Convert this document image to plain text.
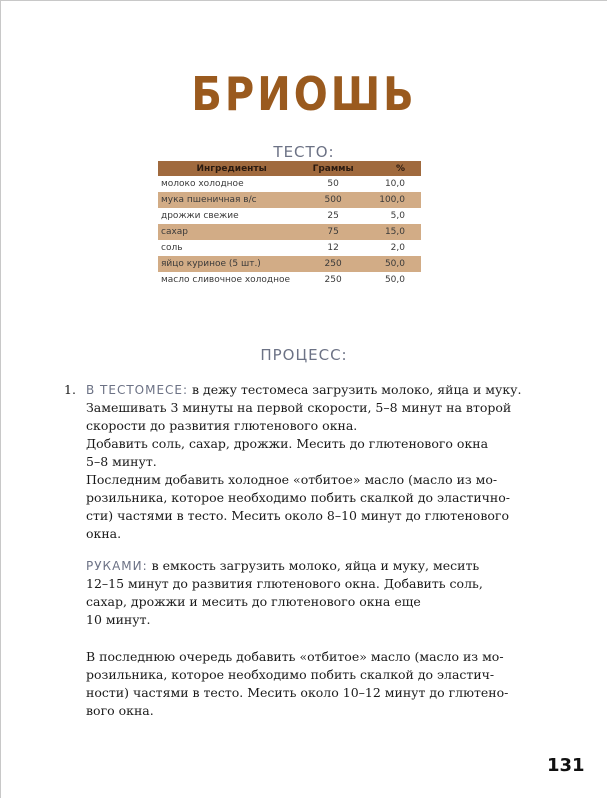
БРИОШЬ
ТЕСТО:
Ингредиенты	Граммы	%
молоко холодное	50	10,0
мука пшеничная в/с	500	100,0
дрожжи свежие	25	5,0
сахар	75	15,0
соль	12	2,0
яйцо куриное (5 шт.)	250	50,0
масло сливочное холодное	250	50,0
ПРОЦЕСС:
1. В ТЕСТОМЕСЕ: в дежу тестомеса загрузить молоко, яйца и муку.
Замешивать 3 минуты на первой скорости, 5–8 минут на второй
скорости до развития глютенового окна.
Добавить соль, сахар, дрожжи. Месить до глютенового окна
5–8 минут.
Последним добавить холодное «отбитое» масло (масло из мо-
розильника, которое необходимо побить скалкой до эластично-
сти) частями в тесто. Месить около 8–10 минут до глютенового
окна.
РУКАМИ: в емкость загрузить молоко, яйца и муку, месить
12–15 минут до развития глютенового окна. Добавить соль,
сахар, дрожжи и месить до глютенового окна еще
10 минут.
В последнюю очередь добавить «отбитое» масло (масло из мо-
розильника, которое необходимо побить скалкой до эластич-
ности) частями в тесто. Месить около 10–12 минут до глютено-
вого окна.
131
